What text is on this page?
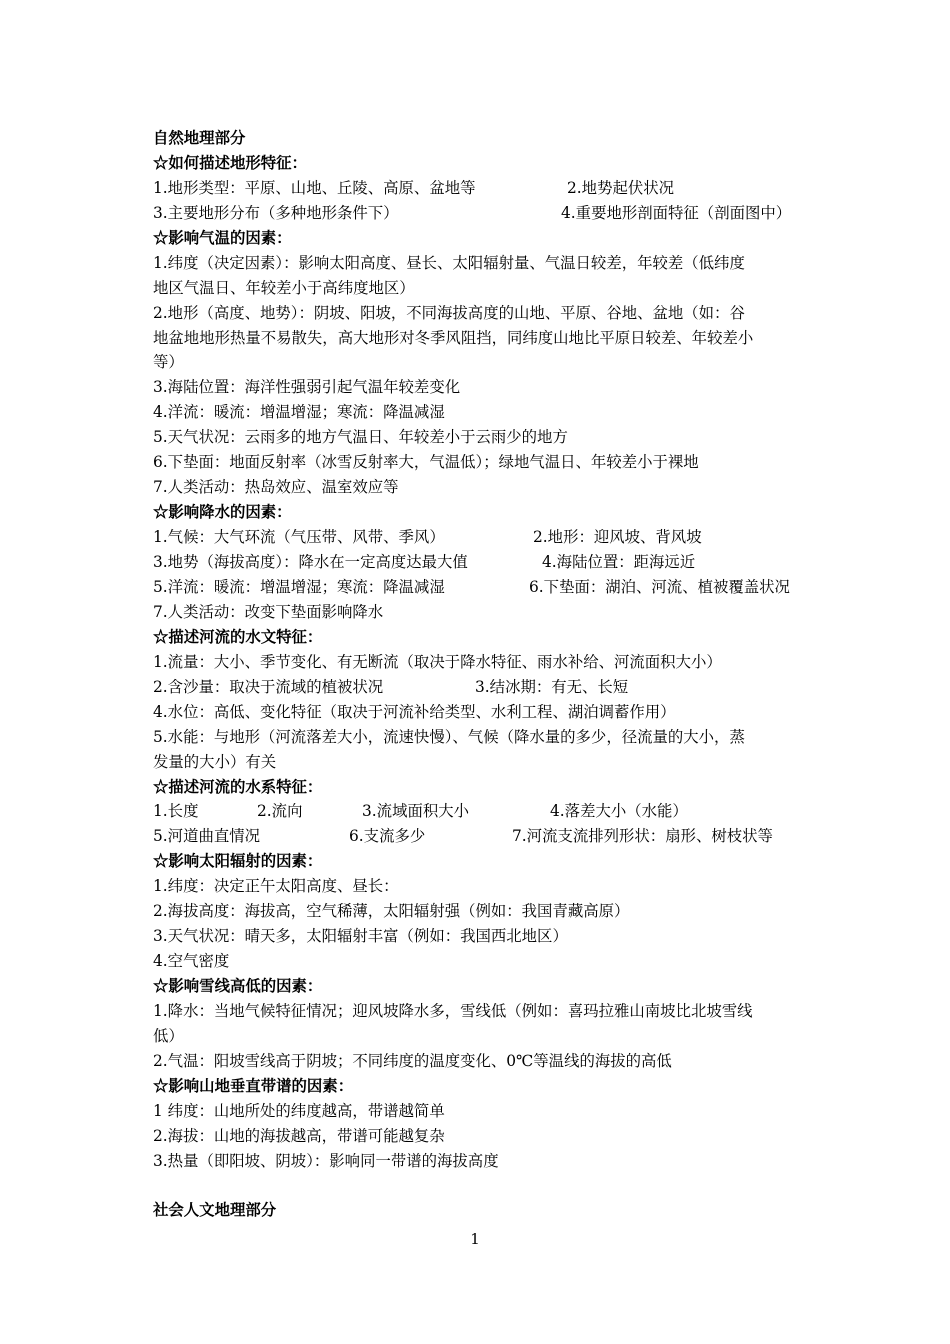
自然地理部分
☆如何描述地形特征：
1.地形类型：平原、山地、丘陵、高原、盆地等	2.地势起伏状况
3.主要地形分布（多种地形条件下）	4.重要地形剖面特征（剖面图中）
☆影响气温的因素：
1.纬度（决定因素）：影响太阳高度、昼长、太阳辐射量、气温日较差，年较差（低纬度
地区气温日、年较差小于高纬度地区）
2.地形（高度、地势）：阴坡、阳坡，不同海拔高度的山地、平原、谷地、盆地（如：谷
地盆地地形热量不易散失，高大地形对冬季风阻挡，同纬度山地比平原日较差、年较差小
等）
3.海陆位置：海洋性强弱引起气温年较差变化
4.洋流：暖流：增温增湿；寒流：降温减湿
5.天气状况：云雨多的地方气温日、年较差小于云雨少的地方
6.下垫面：地面反射率（冰雪反射率大，气温低）；绿地气温日、年较差小于裸地
7.人类活动：热岛效应、温室效应等
☆影响降水的因素：
1.气候：大气环流（气压带、风带、季风）	2.地形：迎风坡、背风坡
3.地势（海拔高度）：降水在一定高度达最大值	4.海陆位置：距海远近
5.洋流：暖流：增温增湿；寒流：降温减湿	6.下垫面：湖泊、河流、植被覆盖状况
7.人类活动：改变下垫面影响降水
☆描述河流的水文特征：
1.流量：大小、季节变化、有无断流（取决于降水特征、雨水补给、河流面积大小）
2.含沙量：取决于流域的植被状况	3.结冰期：有无、长短
4.水位：高低、变化特征（取决于河流补给类型、水利工程、湖泊调蓄作用）
5.水能：与地形（河流落差大小，流速快慢）、气候（降水量的多少，径流量的大小，蒸
发量的大小）有关
☆描述河流的水系特征：
1.长度	2.流向	3.流域面积大小	4.落差大小（水能）
5.河道曲直情况	6.支流多少	7.河流支流排列形状：扇形、树枝状等
☆影响太阳辐射的因素：
1.纬度：决定正午太阳高度、昼长：
2.海拔高度：海拔高，空气稀薄，太阳辐射强（例如：我国青藏高原）
3.天气状况：晴天多，太阳辐射丰富（例如：我国西北地区）
4.空气密度
☆影响雪线高低的因素：
1.降水：当地气候特征情况；迎风坡降水多，雪线低（例如：喜玛拉雅山南坡比北坡雪线
低）
2.气温：阳坡雪线高于阴坡；不同纬度的温度变化、0℃等温线的海拔的高低
☆影响山地垂直带谱的因素：
1 纬度：山地所处的纬度越高，带谱越简单
2.海拔：山地的海拔越高，带谱可能越复杂
3.热量（即阳坡、阴坡）：影响同一带谱的海拔高度
社会人文地理部分
1
